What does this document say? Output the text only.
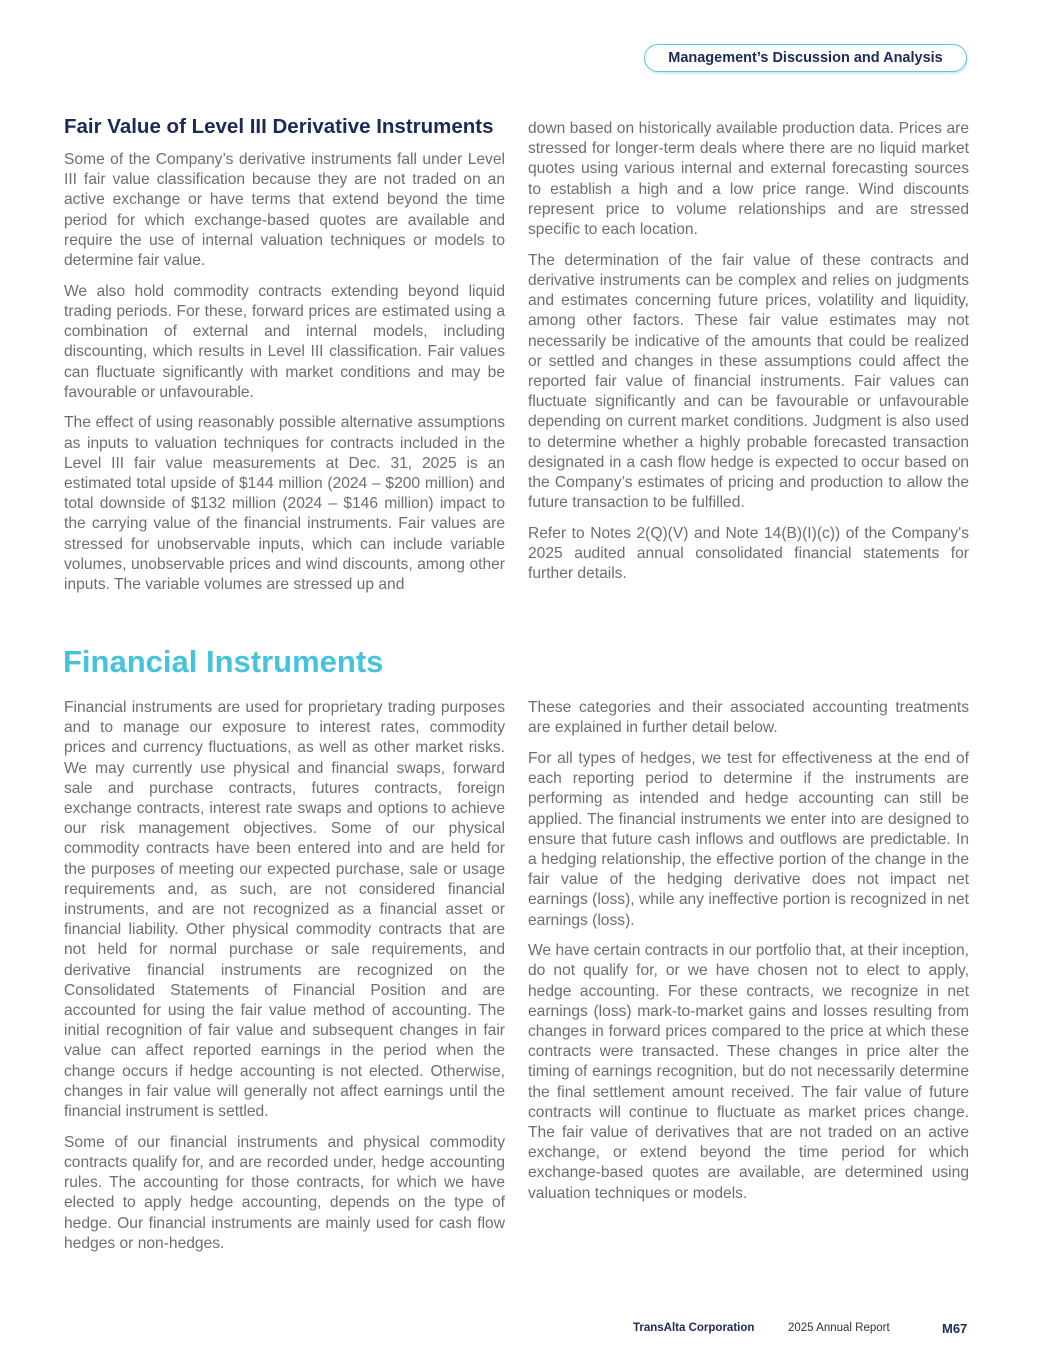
Management’s Discussion and Analysis
Fair Value of Level III Derivative Instruments

Some of the Company’s derivative instruments fall under Level III fair value classification because they are not traded on an active exchange or have terms that extend beyond the time period for which exchange-based quotes are available and require the use of internal valuation techniques or models to determine fair value.

We also hold commodity contracts extending beyond liquid trading periods. For these, forward prices are estimated using a combination of external and internal models, including discounting, which results in Level III classification. Fair values can fluctuate significantly with market conditions and may be favourable or unfavourable.

The effect of using reasonably possible alternative assumptions as inputs to valuation techniques for contracts included in the Level III fair value measurements at Dec. 31, 2025 is an estimated total upside of $144 million (2024 – $200 million) and total downside of $132 million (2024 – $146 million) impact to the carrying value of the financial instruments. Fair values are stressed for unobservable inputs, which can include variable volumes, unobservable prices and wind discounts, among other inputs. The variable volumes are stressed up and

down based on historically available production data. Prices are stressed for longer-term deals where there are no liquid market quotes using various internal and external forecasting sources to establish a high and a low price range. Wind discounts represent price to volume relationships and are stressed specific to each location.

The determination of the fair value of these contracts and derivative instruments can be complex and relies on judgments and estimates concerning future prices, volatility and liquidity, among other factors. These fair value estimates may not necessarily be indicative of the amounts that could be realized or settled and changes in these assumptions could affect the reported fair value of financial instruments. Fair values can fluctuate significantly and can be favourable or unfavourable depending on current market conditions. Judgment is also used to determine whether a highly probable forecasted transaction designated in a cash flow hedge is expected to occur based on the Company’s estimates of pricing and production to allow the future transaction to be fulfilled.

Refer to Notes 2(Q)(V) and Note 14(B)(I)(c)) of the Company's 2025 audited annual consolidated financial statements for further details.

Financial Instruments

Financial instruments are used for proprietary trading purposes and to manage our exposure to interest rates, commodity prices and currency fluctuations, as well as other market risks. We may currently use physical and financial swaps, forward sale and purchase contracts, futures contracts, foreign exchange contracts, interest rate swaps and options to achieve our risk management objectives. Some of our physical commodity contracts have been entered into and are held for the purposes of meeting our expected purchase, sale or usage requirements and, as such, are not considered financial instruments, and are not recognized as a financial asset or financial liability. Other physical commodity contracts that are not held for normal purchase or sale requirements, and derivative financial instruments are recognized on the Consolidated Statements of Financial Position and are accounted for using the fair value method of accounting. The initial recognition of fair value and subsequent changes in fair value can affect reported earnings in the period when the change occurs if hedge accounting is not elected. Otherwise, changes in fair value will generally not affect earnings until the financial instrument is settled.

Some of our financial instruments and physical commodity contracts qualify for, and are recorded under, hedge accounting rules. The accounting for those contracts, for which we have elected to apply hedge accounting, depends on the type of hedge. Our financial instruments are mainly used for cash flow hedges or non-hedges.

These categories and their associated accounting treatments are explained in further detail below.

For all types of hedges, we test for effectiveness at the end of each reporting period to determine if the instruments are performing as intended and hedge accounting can still be applied. The financial instruments we enter into are designed to ensure that future cash inflows and outflows are predictable. In a hedging relationship, the effective portion of the change in the fair value of the hedging derivative does not impact net earnings (loss), while any ineffective portion is recognized in net earnings (loss).

We have certain contracts in our portfolio that, at their inception, do not qualify for, or we have chosen not to elect to apply, hedge accounting. For these contracts, we recognize in net earnings (loss) mark-to-market gains and losses resulting from changes in forward prices compared to the price at which these contracts were transacted. These changes in price alter the timing of earnings recognition, but do not necessarily determine the final settlement amount received. The fair value of future contracts will continue to fluctuate as market prices change. The fair value of derivatives that are not traded on an active exchange, or extend beyond the time period for which exchange-based quotes are available, are determined using valuation techniques or models.

TransAlta Corporation	2025 Annual Report	M67
